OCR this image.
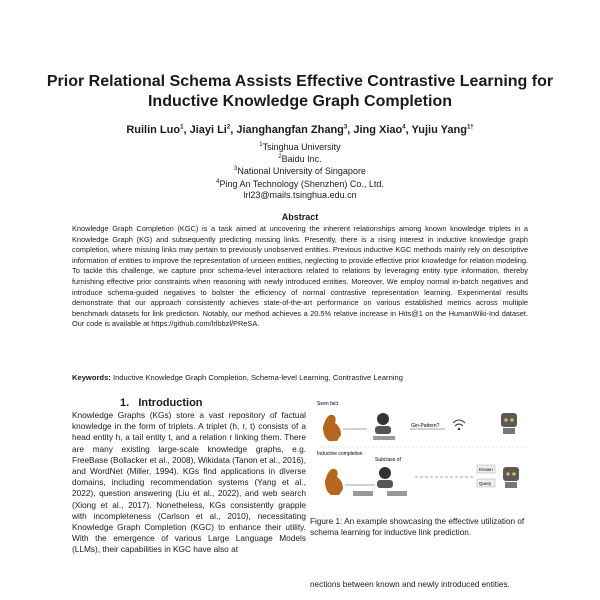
Prior Relational Schema Assists Effective Contrastive Learning for Inductive Knowledge Graph Completion
Ruilin Luo$^1$, Jiayi Li$^2$, Jianghangfan Zhang$^3$, Jing Xiao$^4$, Yujiu Yang$^{1\dagger}$
$^1$Tsinghua University
$^2$Baidu Inc.
$^3$National University of Singapore
$^4$Ping An Technology (Shenzhen) Co., Ltd.
lrl23@mails.tsinghua.edu.cn
Abstract
Knowledge Graph Completion (KGC) is a task aimed at uncovering the inherent relationships among known knowledge triplets in a Knowledge Graph (KG) and subsequently predicting missing links. Presently, there is a rising interest in inductive knowledge graph completion, where missing links may pertain to previously unobserved entities. Previous inductive KGC methods mainly rely on descriptive information of entities to improve the representation of unseen entities, neglecting to provide effective prior knowledge for relation modeling. To tackle this challenge, we capture prior schema-level interactions related to relations by leveraging entity type information, thereby furnishing effective prior constraints when reasoning with newly introduced entities. Moreover, We employ normal in-batch negatives and introduce schema-guided negatives to bolster the efficiency of normal contrastive representation learning. Experimental results demonstrate that our approach consistently achieves state-of-the-art performance on various established metrics across multiple benchmark datasets for link prediction. Notably, our method achieves a 20.5% relative increase in Hits@1 on the HumanWiki-Ind dataset. Our code is available at https://github.com/lrlbbzl/PReSA.
Keywords: Inductive Knowledge Graph Completion, Schema-level Learning, Contrastive Learning
1. Introduction
Knowledge Graphs (KGs) store a vast repository of factual knowledge in the form of triplets. A triplet (h, r, t) consists of a head entity h, a tail entity t, and a relation r linking them. There are many existing large-scale knowledge graphs, e.g. FreeBase (Bollacker et al., 2008), Wikidata (Tanon et al., 2016), and WordNet (Miller, 1994). KGs find applications in diverse domains, including recommendation systems (Yang et al., 2022), question answering (Liu et al., 2022), and web search (Xiong et al., 2017). Nonetheless, KGs consistently grapple with incompleteness (Carlson et al., 2010), necessitating Knowledge Graph Completion (KGC) to enhance their utility. With the emergence of various Large Language Models (LLMs), their capabilities in KGC have also at
Seen fact
Gin-Pattern?
Inductive completion
Subclass of
Known
Query
Figure 1: An example showcasing the effective utilization of schema learning for inductive link prediction.
nections between known and newly introduced entities.
